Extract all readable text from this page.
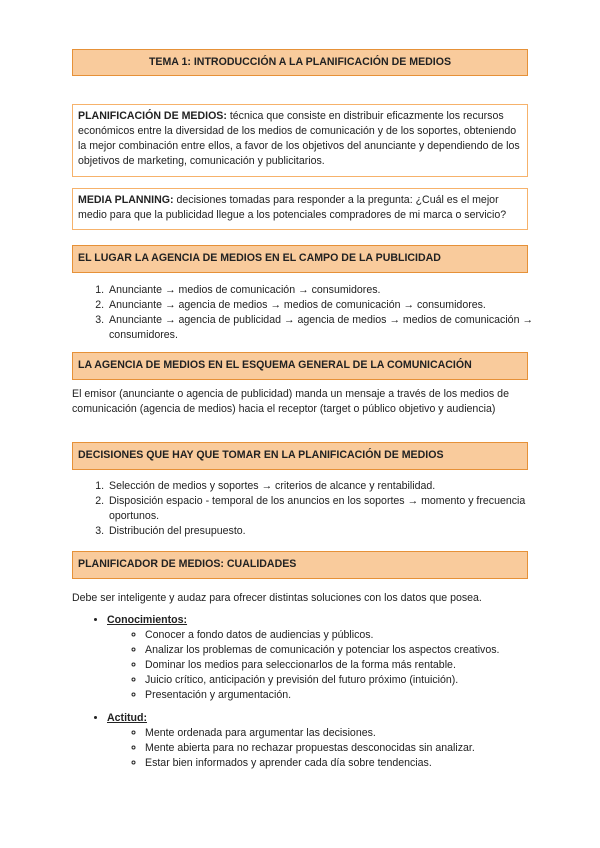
TEMA 1: INTRODUCCIÓN A LA PLANIFICACIÓN DE MEDIOS
PLANIFICACIÓN DE MEDIOS: técnica que consiste en distribuir eficazmente los recursos económicos entre la diversidad de los medios de comunicación y de los soportes, obteniendo la mejor combinación entre ellos, a favor de los objetivos del anunciante y dependiendo de los objetivos de marketing, comunicación y publicitarios.
MEDIA PLANNING: decisiones tomadas para responder a la pregunta: ¿Cuál es el mejor medio para que la publicidad llegue a los potenciales compradores de mi marca o servicio?
EL LUGAR LA AGENCIA DE MEDIOS EN EL CAMPO DE LA PUBLICIDAD
1. Anunciante → medios de comunicación → consumidores.
2. Anunciante → agencia de medios → medios de comunicación → consumidores.
3. Anunciante → agencia de publicidad → agencia de medios → medios de comunicación → consumidores.
LA AGENCIA DE MEDIOS EN EL ESQUEMA GENERAL DE LA COMUNICACIÓN
El emisor (anunciante o agencia de publicidad) manda un mensaje a través de los medios de comunicación (agencia de medios) hacia el receptor (target o público objetivo y audiencia)
DECISIONES QUE HAY QUE TOMAR EN LA PLANIFICACIÓN DE MEDIOS
1. Selección de medios y soportes → criterios de alcance y rentabilidad.
2. Disposición espacio - temporal de los anuncios en los soportes → momento y frecuencia oportunos.
3. Distribución del presupuesto.
PLANIFICADOR DE MEDIOS: CUALIDADES
Debe ser inteligente y audaz para ofrecer distintas soluciones con los datos que posea.
• Conocimientos:
◦ Conocer a fondo datos de audiencias y públicos.
◦ Analizar los problemas de comunicación y potenciar los aspectos creativos.
◦ Dominar los medios para seleccionarlos de la forma más rentable.
◦ Juicio crítico, anticipación y previsión del futuro próximo (intuición).
◦ Presentación y argumentación.
• Actitud:
◦ Mente ordenada para argumentar las decisiones.
◦ Mente abierta para no rechazar propuestas desconocidas sin analizar.
◦ Estar bien informados y aprender cada día sobre tendencias.
